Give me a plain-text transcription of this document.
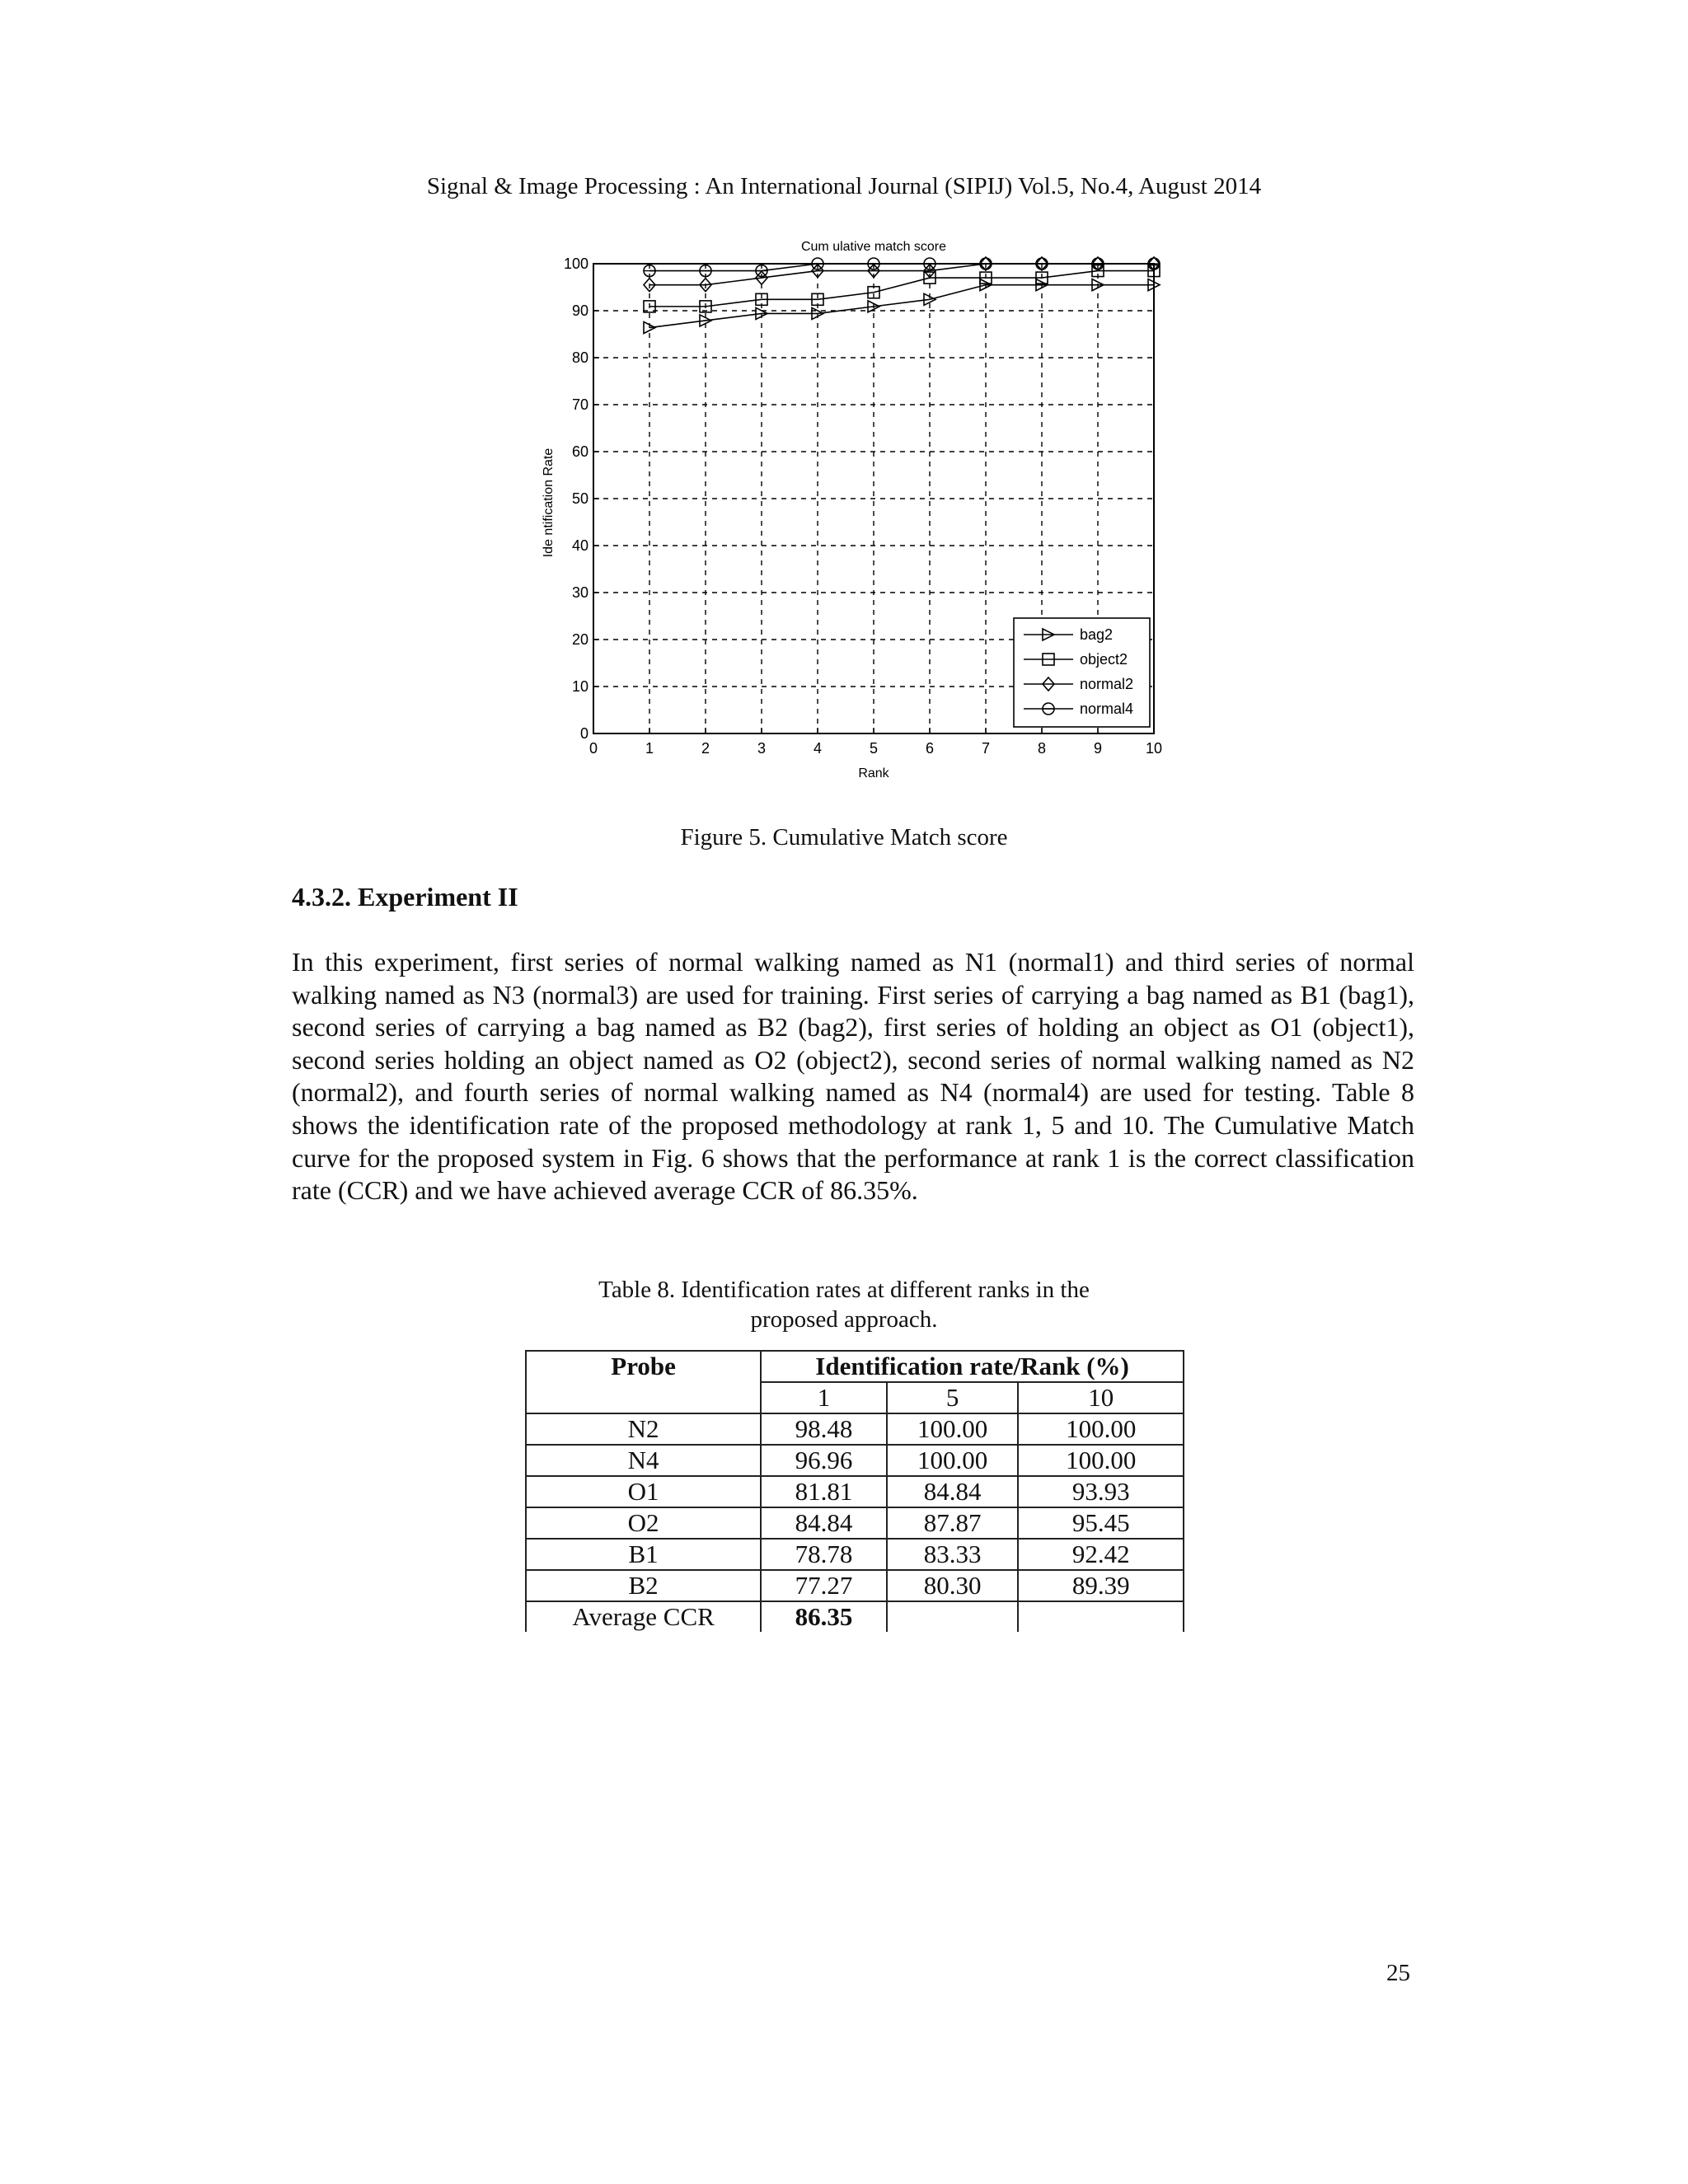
Signal & Image Processing : An International Journal (SIPIJ) Vol.5, No.4, August 2014
0	1	2	3	4	5	6	7	8	9	10
0
10
20
30
40
50
60
70
80
90
100
bag2
object2
normal2
normal4
Cum ulative match score
Rank
Ide ntification Rate
Figure 5. Cumulative Match score
4.3.2. Experiment II

In this experiment, first series of normal walking named as N1 (normal1) and third series of normal walking named as N3 (normal3) are used for training. First series of carrying a bag named as B1 (bag1), second series of carrying a bag named as B2 (bag2), first series of holding an object as O1 (object1), second series holding an object named as O2 (object2), second series of normal walking named as N2 (normal2), and fourth series of normal walking named as N4 (normal4) are used for testing. Table 8 shows the identification rate of the proposed methodology at rank 1, 5 and 10. The Cumulative Match curve for the proposed system in Fig. 6 shows that the performance at rank 1 is the correct classification rate (CCR) and we have achieved average CCR of 86.35%.

Table 8. Identification rates at different ranks in the
proposed approach.
Probe	Identification rate/Rank (%)		
	1	5	10
N2	98.48	100.00	100.00
N4	96.96	100.00	100.00
O1	81.81	84.84	93.93
O2	84.84	87.87	95.45
B1	78.78	83.33	92.42
B2	77.27	80.30	89.39
Average CCR	86.35		
25
